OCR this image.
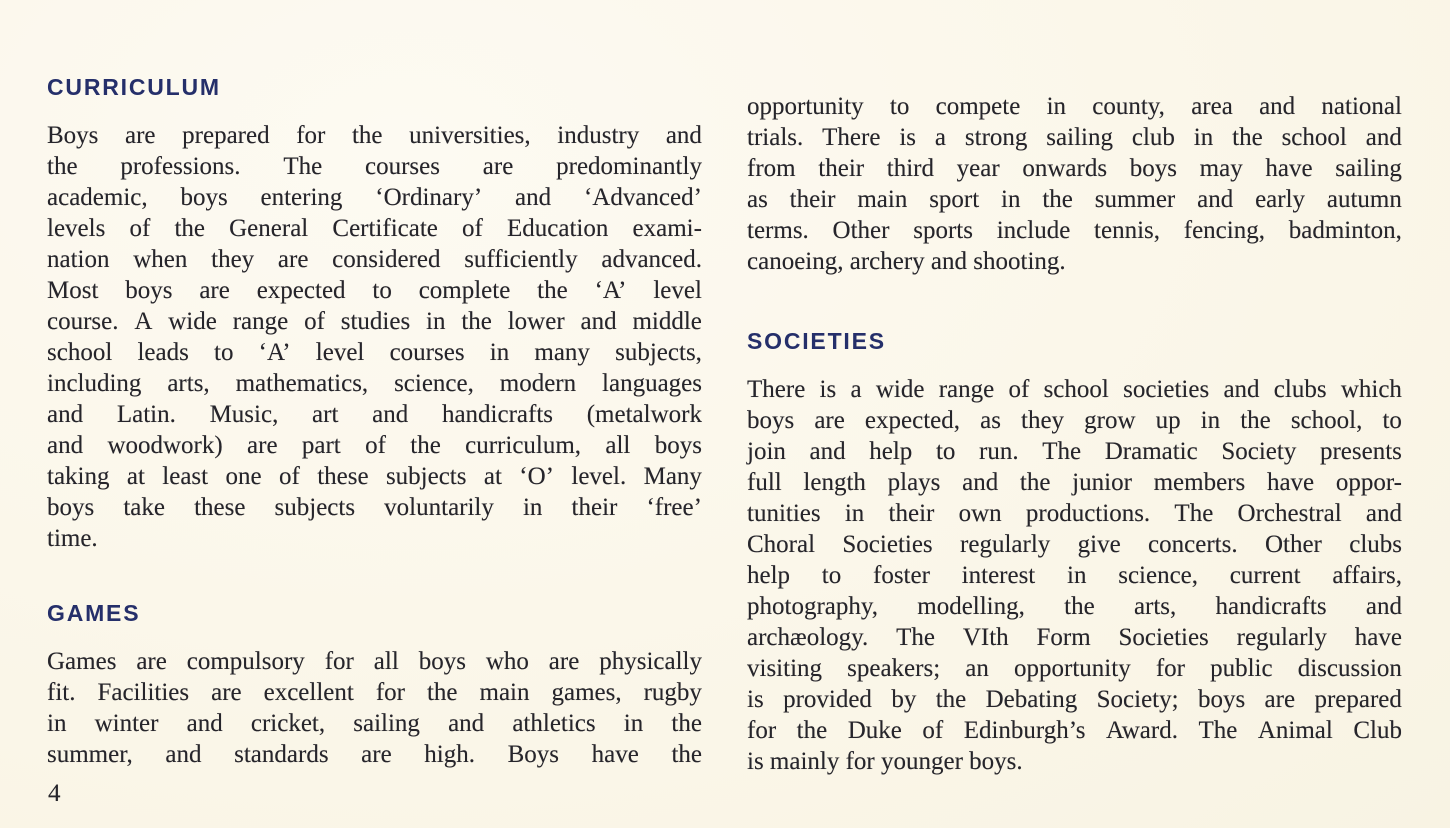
CURRICULUM
Boys are prepared for the universities, industry and
the professions. The courses are predominantly
academic, boys entering ‘Ordinary’ and ‘Advanced’
levels of the General Certificate of Education exami-
nation when they are considered sufficiently advanced.
Most boys are expected to complete the ‘A’ level
course. A wide range of studies in the lower and middle
school leads to ‘A’ level courses in many subjects,
including arts, mathematics, science, modern languages
and Latin. Music, art and handicrafts (metalwork
and woodwork) are part of the curriculum, all boys
taking at least one of these subjects at ‘O’ level. Many
boys take these subjects voluntarily in their ‘free’
time.
GAMES
Games are compulsory for all boys who are physically
fit. Facilities are excellent for the main games, rugby
in winter and cricket, sailing and athletics in the
summer, and standards are high. Boys have the
opportunity to compete in county, area and national
trials. There is a strong sailing club in the school and
from their third year onwards boys may have sailing
as their main sport in the summer and early autumn
terms. Other sports include tennis, fencing, badminton,
canoeing, archery and shooting.
SOCIETIES
There is a wide range of school societies and clubs which
boys are expected, as they grow up in the school, to
join and help to run. The Dramatic Society presents
full length plays and the junior members have oppor-
tunities in their own productions. The Orchestral and
Choral Societies regularly give concerts. Other clubs
help to foster interest in science, current affairs,
photography, modelling, the arts, handicrafts and
archæology. The VIth Form Societies regularly have
visiting speakers; an opportunity for public discussion
is provided by the Debating Society; boys are prepared
for the Duke of Edinburgh’s Award. The Animal Club
is mainly for younger boys.
4
